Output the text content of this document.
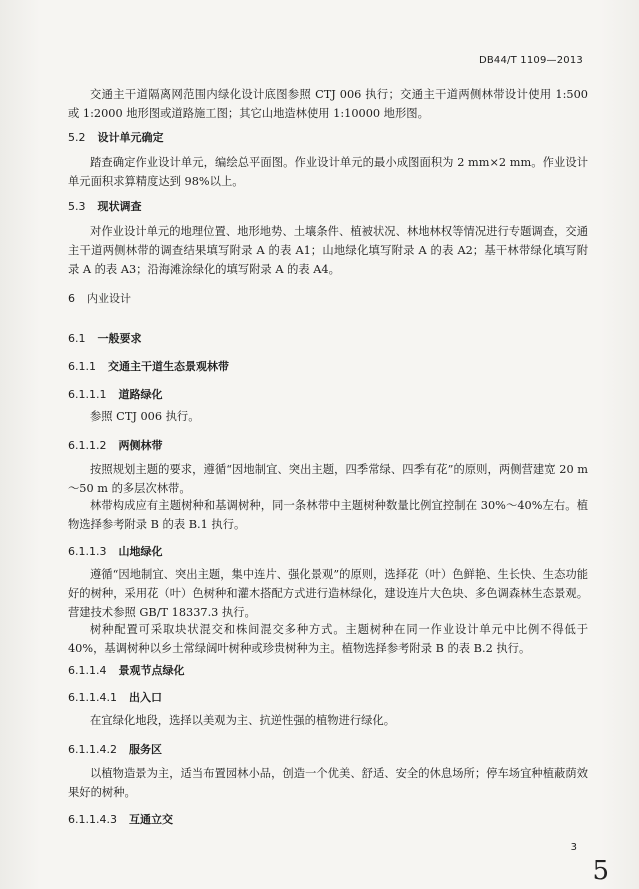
DB44/T 1109—2013
交通主干道隔离网范围内绿化设计底图参照 CTJ 006 执行；交通主干道两侧林带设计使用 1:500 或 1:2000 地形图或道路施工图；其它山地造林使用 1:10000 地形图。
5.2 设计单元确定
踏查确定作业设计单元，编绘总平面图。作业设计单元的最小成图面积为 2 mm×2 mm。作业设计单元面积求算精度达到 98%以上。
5.3 现状调查
对作业设计单元的地理位置、地形地势、土壤条件、植被状况、林地林权等情况进行专题调查，交通主干道两侧林带的调查结果填写附录 A 的表 A1；山地绿化填写附录 A 的表 A2；基干林带绿化填写附录 A 的表 A3；沿海滩涂绿化的填写附录 A 的表 A4。
6 内业设计
6.1 一般要求
6.1.1 交通主干道生态景观林带
6.1.1.1 道路绿化
参照 CTJ 006 执行。
6.1.1.2 两侧林带
按照规划主题的要求，遵循“因地制宜、突出主题，四季常绿、四季有花”的原则，两侧营建宽 20 m～50 m 的多层次林带。
林带构成应有主题树种和基调树种，同一条林带中主题树种数量比例宜控制在 30%～40%左右。植物选择参考附录 B 的表 B.1 执行。
6.1.1.3 山地绿化
遵循“因地制宜、突出主题，集中连片、强化景观”的原则，选择花（叶）色鲜艳、生长快、生态功能好的树种，采用花（叶）色树种和灌木搭配方式进行造林绿化，建设连片大色块、多色调森林生态景观。营建技术参照 GB/T 18337.3 执行。
树种配置可采取块状混交和株间混交多种方式。主题树种在同一作业设计单元中比例不得低于 40%，基调树种以乡土常绿阔叶树种或珍贵树种为主。植物选择参考附录 B 的表 B.2 执行。
6.1.1.4 景观节点绿化
6.1.1.4.1 出入口
在宜绿化地段，选择以美观为主、抗逆性强的植物进行绿化。
6.1.1.4.2 服务区
以植物造景为主，适当布置园林小品，创造一个优美、舒适、安全的休息场所；停车场宜种植蔽荫效果好的树种。
6.1.1.4.3 互通立交
3
5
